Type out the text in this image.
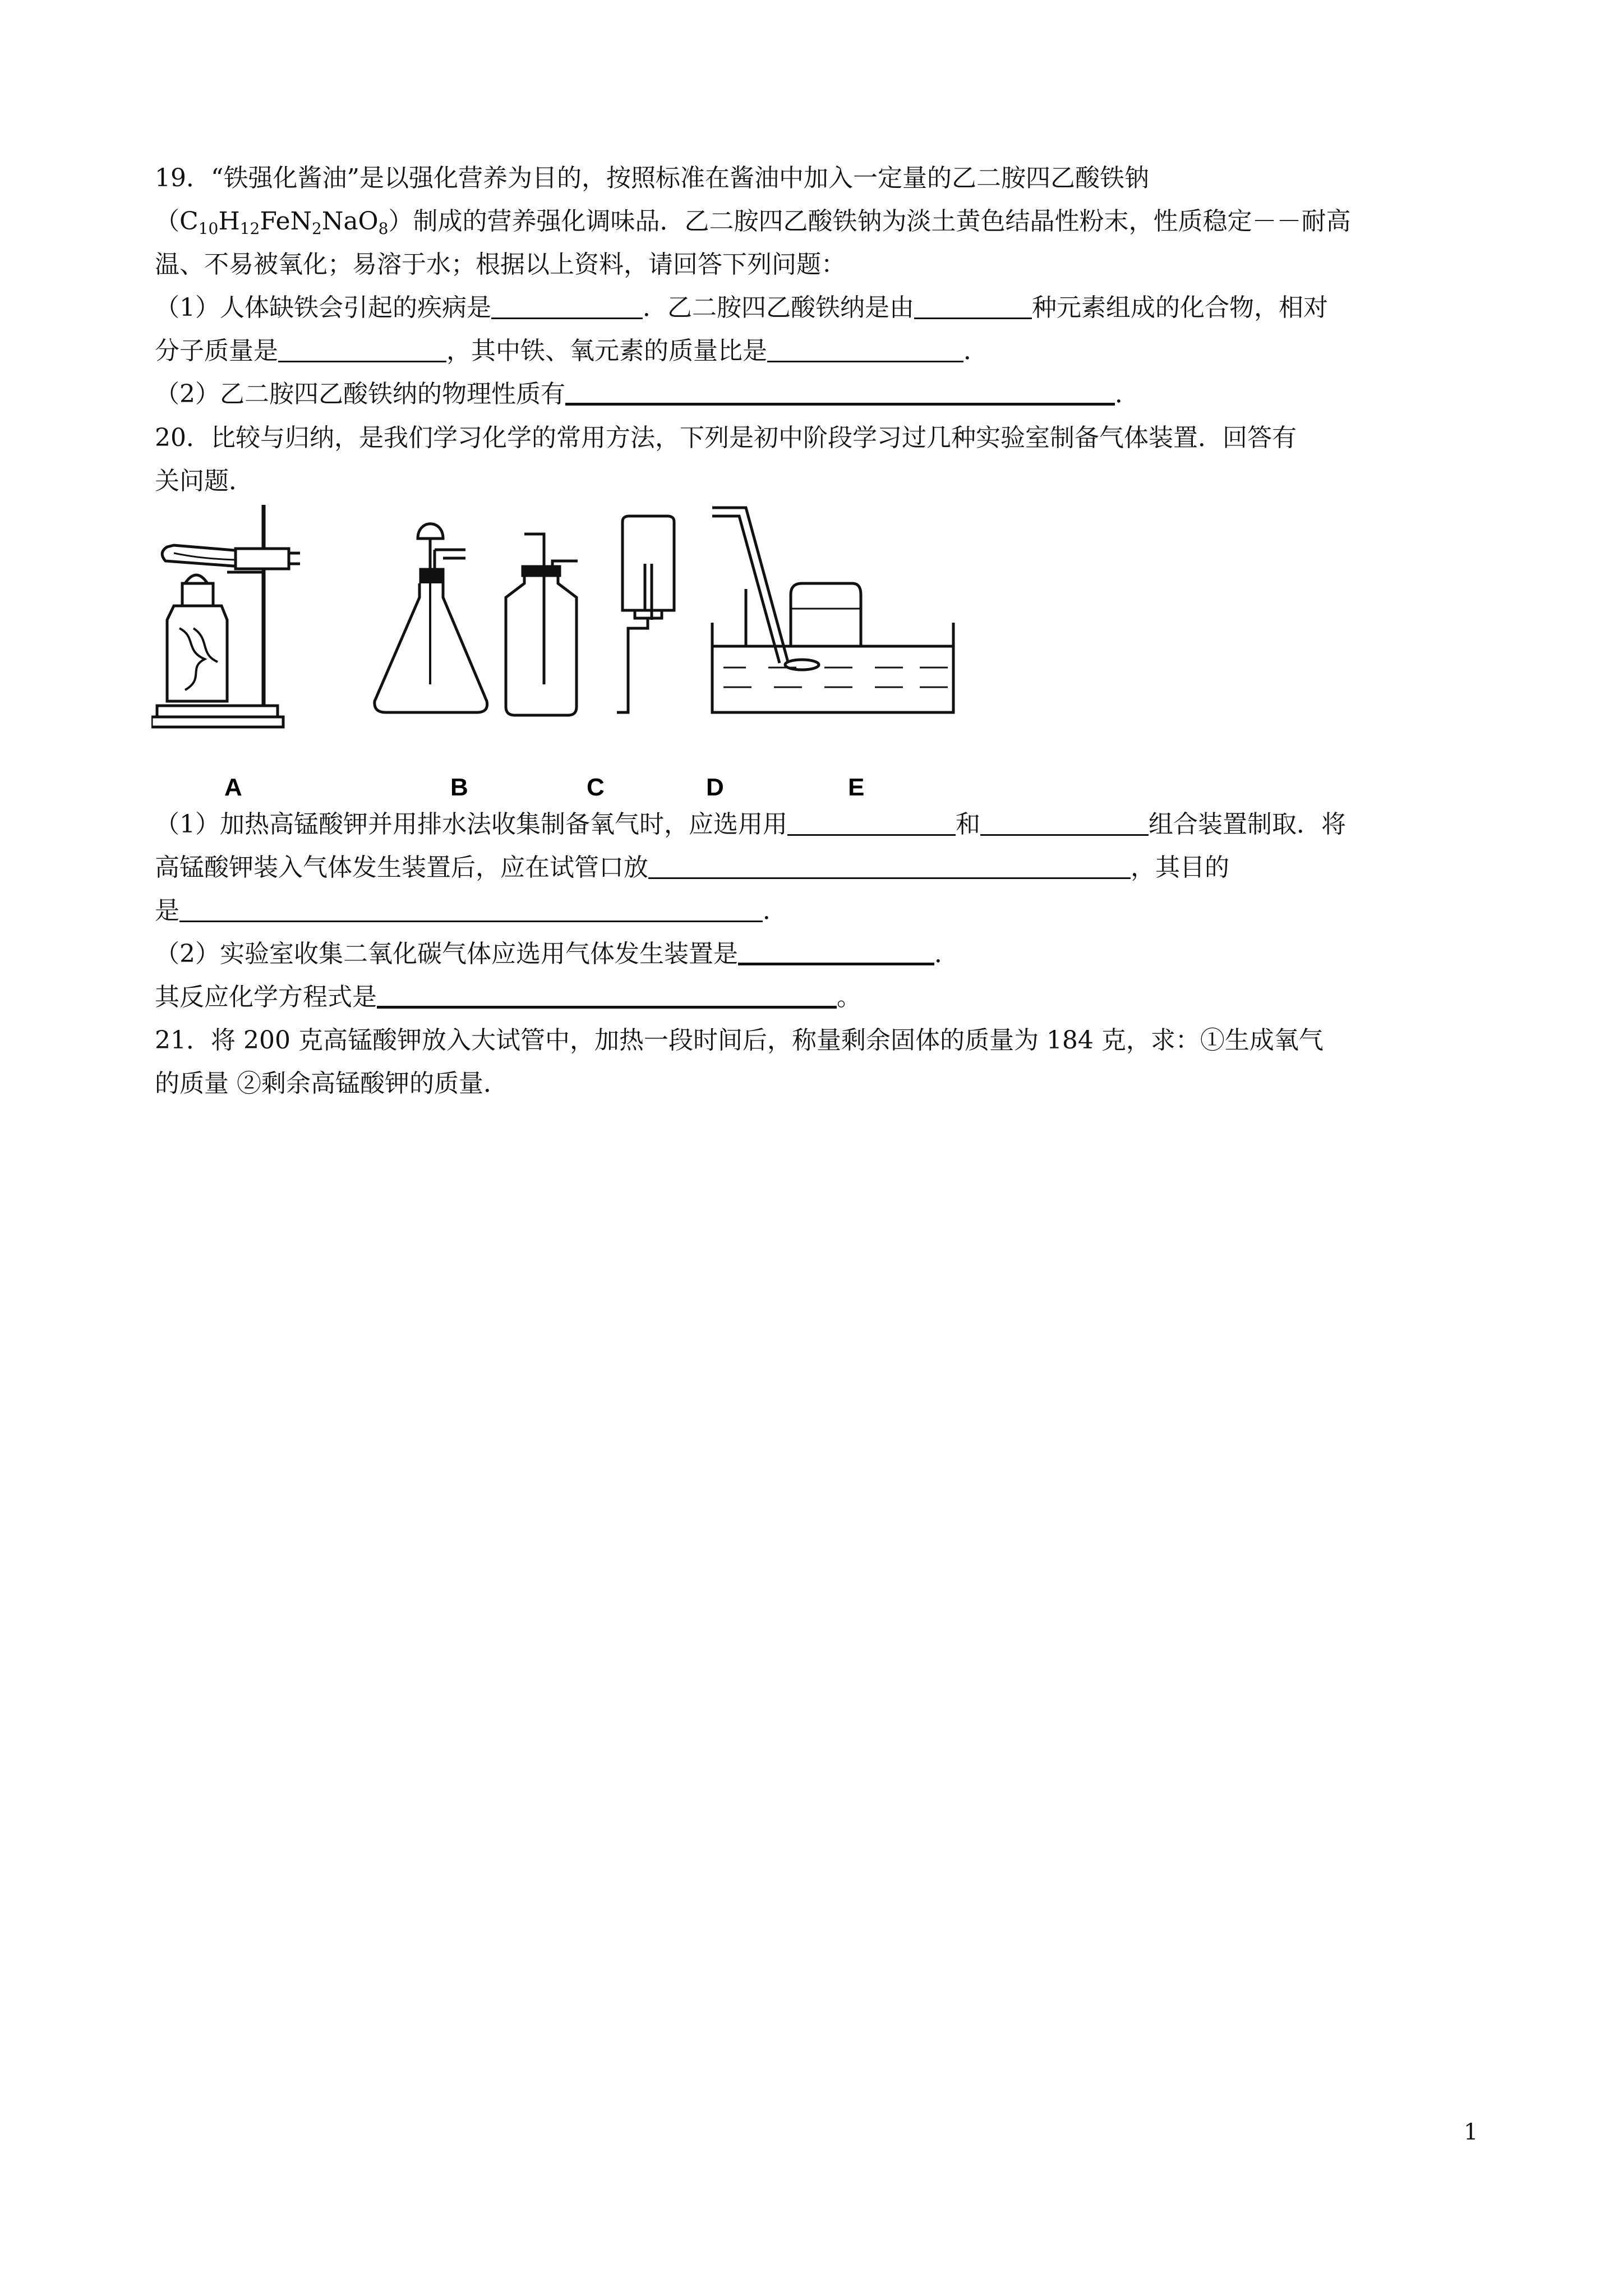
19．“铁强化酱油”是以强化营养为目的，按照标准在酱油中加入一定量的乙二胺四乙酸铁钠
（C10H12FeN2NaO8）制成的营养强化调味品．乙二胺四乙酸铁钠为淡土黄色结晶性粉末，性质稳定－－耐高
温、不易被氧化；易溶于水；根据以上资料，请回答下列问题：
（1）人体缺铁会引起的疾病是	．乙二胺四乙酸铁纳是由	种元素组成的化合物，相对
分子质量是	，其中铁、氧元素的质量比是	．
（2）乙二胺四乙酸铁纳的物理性质有	．
20．比较与归纳，是我们学习化学的常用方法，下列是初中阶段学习过几种实验室制备气体装置．回答有
关问题．
A	B	C	D	E
（1）加热高锰酸钾并用排水法收集制备氧气时，应选用用	和	组合装置制取．将
高锰酸钾装入气体发生装置后，应在试管口放	，其目的
是	．
（2）实验室收集二氧化碳气体应选用气体发生装置是	．
其反应化学方程式是	。
21．将 200 克高锰酸钾放入大试管中，加热一段时间后，称量剩余固体的质量为 184 克，求：①生成氧气
的质量 ②剩余高锰酸钾的质量．
1
